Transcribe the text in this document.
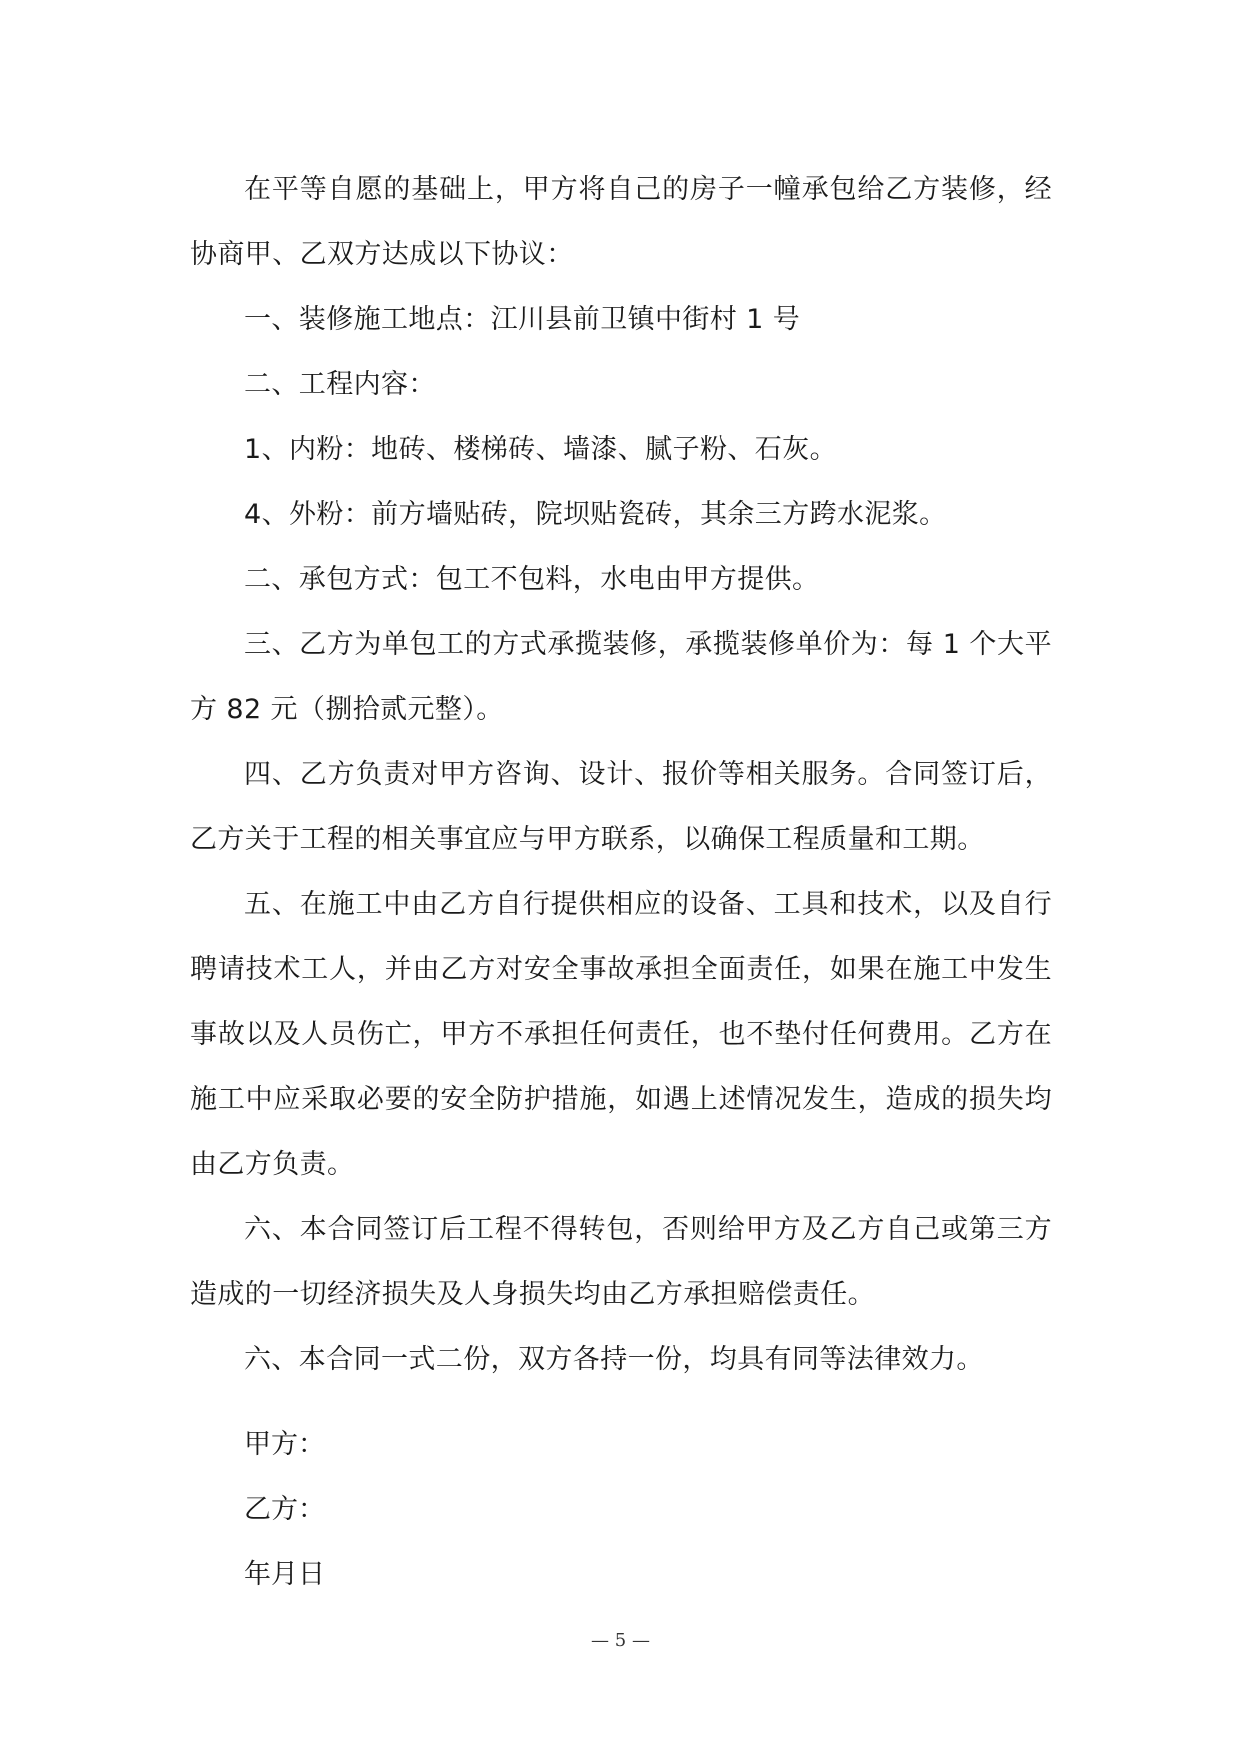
在平等自愿的基础上，甲方将自己的房子一幢承包给乙方装修，经协商甲、乙双方达成以下协议：

一、装修施工地点：江川县前卫镇中街村 1 号

二、工程内容：

1、内粉：地砖、楼梯砖、墙漆、腻子粉、石灰。

4、外粉：前方墙贴砖，院坝贴瓷砖，其余三方跨水泥浆。

二、承包方式：包工不包料，水电由甲方提供。

三、乙方为单包工的方式承揽装修，承揽装修单价为：每 1 个大平方 82 元（捌拾贰元整）。

四、乙方负责对甲方咨询、设计、报价等相关服务。合同签订后，乙方关于工程的相关事宜应与甲方联系，以确保工程质量和工期。

五、在施工中由乙方自行提供相应的设备、工具和技术，以及自行聘请技术工人，并由乙方对安全事故承担全面责任，如果在施工中发生事故以及人员伤亡，甲方不承担任何责任，也不垫付任何费用。乙方在施工中应采取必要的安全防护措施，如遇上述情况发生，造成的损失均由乙方负责。

六、本合同签订后工程不得转包，否则给甲方及乙方自己或第三方造成的一切经济损失及人身损失均由乙方承担赔偿责任。

六、本合同一式二份，双方各持一份，均具有同等法律效力。

甲方：

乙方：

年月日

— 5 —
